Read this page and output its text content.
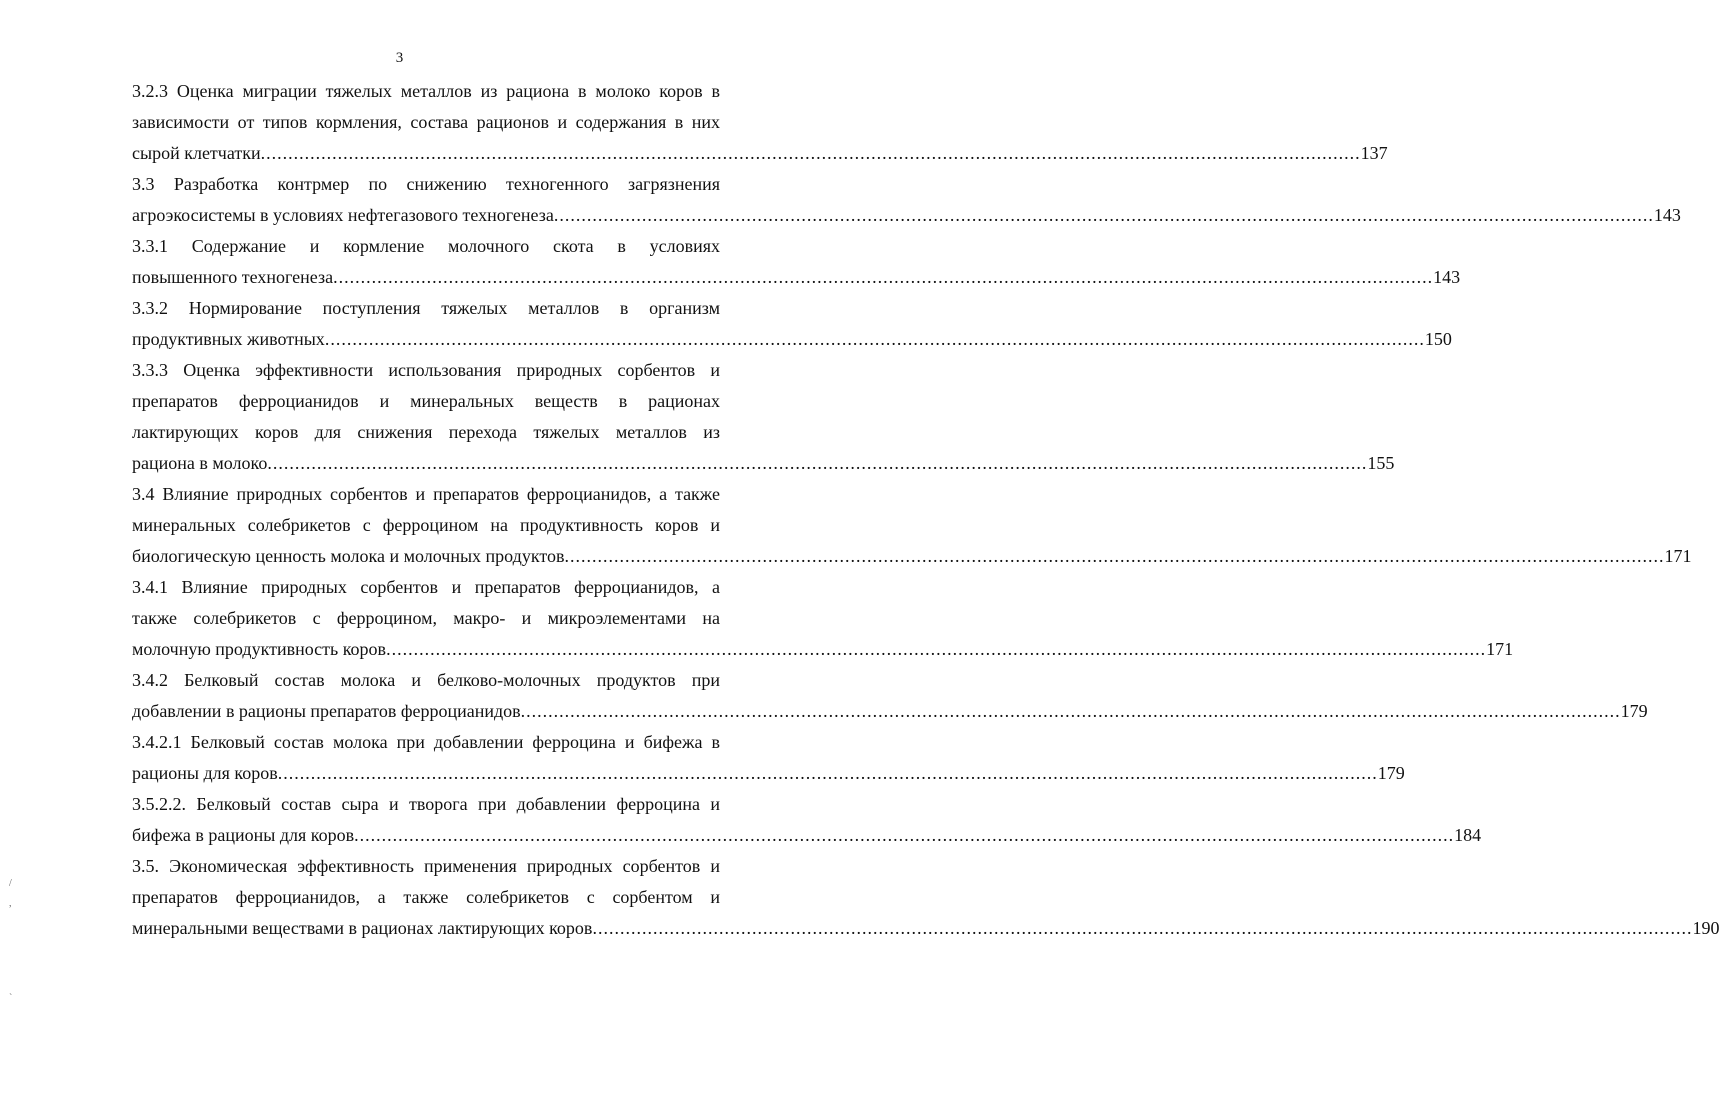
3
3.2.3 Оценка миграции тяжелых металлов из рациона в молоко коров в
зависимости от типов кормления, состава рационов и содержания в них
сырой клетчатки ........................................................................................................................................................................................................ 137
3.3 Разработка контрмер по снижению техногенного загрязнения
агроэкосистемы в условиях нефтегазового техногенеза ........................................................................................................................................................................................................ 143
3.3.1 Содержание и кормление молочного скота в условиях
повышенного техногенеза ........................................................................................................................................................................................................ 143
3.3.2 Нормирование поступления тяжелых металлов в организм
продуктивных животных ........................................................................................................................................................................................................ 150
3.3.3 Оценка эффективности использования природных сорбентов и
препаратов ферроцианидов и минеральных веществ в рационах
лактирующих коров для снижения перехода тяжелых металлов из
рациона в молоко ........................................................................................................................................................................................................ 155
3.4 Влияние природных сорбентов и препаратов ферроцианидов, а также
минеральных солебрикетов с ферроцином на продуктивность коров и
биологическую ценность молока и молочных продуктов ........................................................................................................................................................................................................ 171
3.4.1 Влияние природных сорбентов и препаратов ферроцианидов, а
также солебрикетов с ферроцином, макро- и микроэлементами на
молочную продуктивность коров ........................................................................................................................................................................................................ 171
3.4.2 Белковый состав молока и белково-молочных продуктов при
добавлении в рационы препаратов ферроцианидов ........................................................................................................................................................................................................ 179
3.4.2.1 Белковый состав молока при добавлении ферроцина и бифежа в
рационы для коров ........................................................................................................................................................................................................ 179
3.5.2.2. Белковый состав сыра и творога при добавлении ферроцина и
бифежа в рационы для коров ........................................................................................................................................................................................................ 184
3.5. Экономическая эффективность применения природных сорбентов и
препаратов ферроцианидов, а также солебрикетов с сорбентом и
минеральными веществами в рационах лактирующих коров ........................................................................................................................................................................................................ 190
/
,
`
